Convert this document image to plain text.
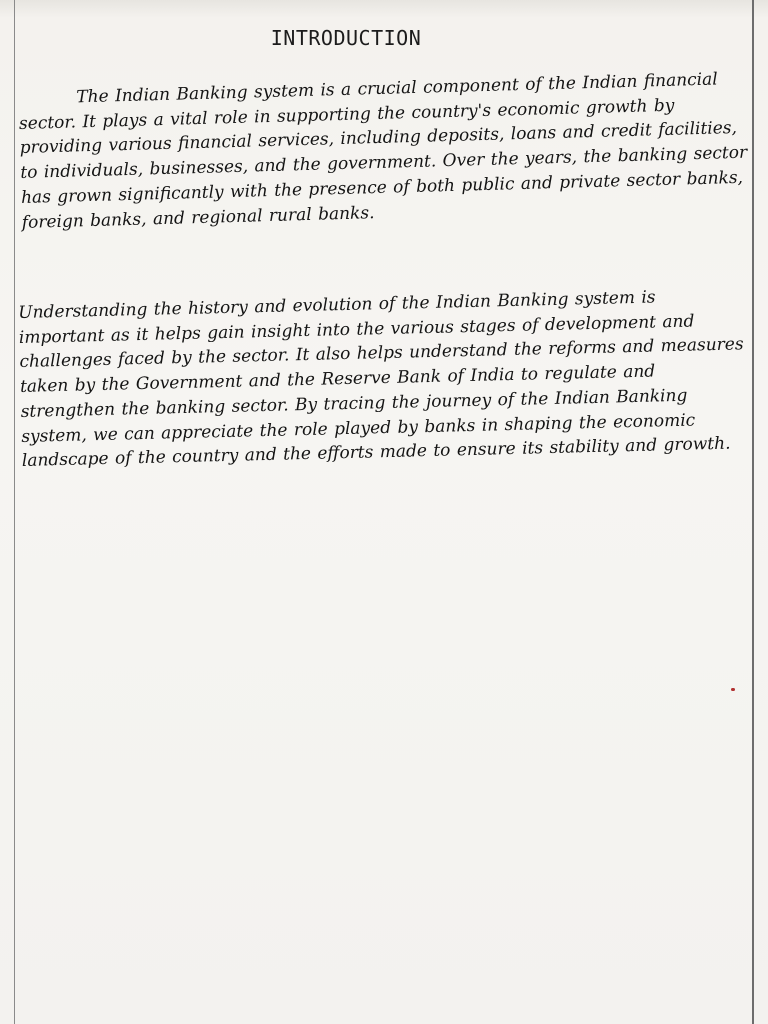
INTRODUCTION

The Indian Banking system is a crucial component of the Indian financial sector. It plays a vital role in supporting the country's economic growth by providing various financial services, including deposits, loans and credit facilities, to individuals, businesses, and the government. Over the years, the banking sector has grown significantly with the presence of both public and private sector banks, foreign banks, and regional rural banks.

Understanding the history and evolution of the Indian Banking system is important as it helps gain insight into the various stages of development and challenges faced by the sector. It also helps understand the reforms and measures taken by the Government and the Reserve Bank of India to regulate and strengthen the banking sector. By tracing the journey of the Indian Banking system, we can appreciate the role played by banks in shaping the economic landscape of the country and the efforts made to ensure its stability and growth.
